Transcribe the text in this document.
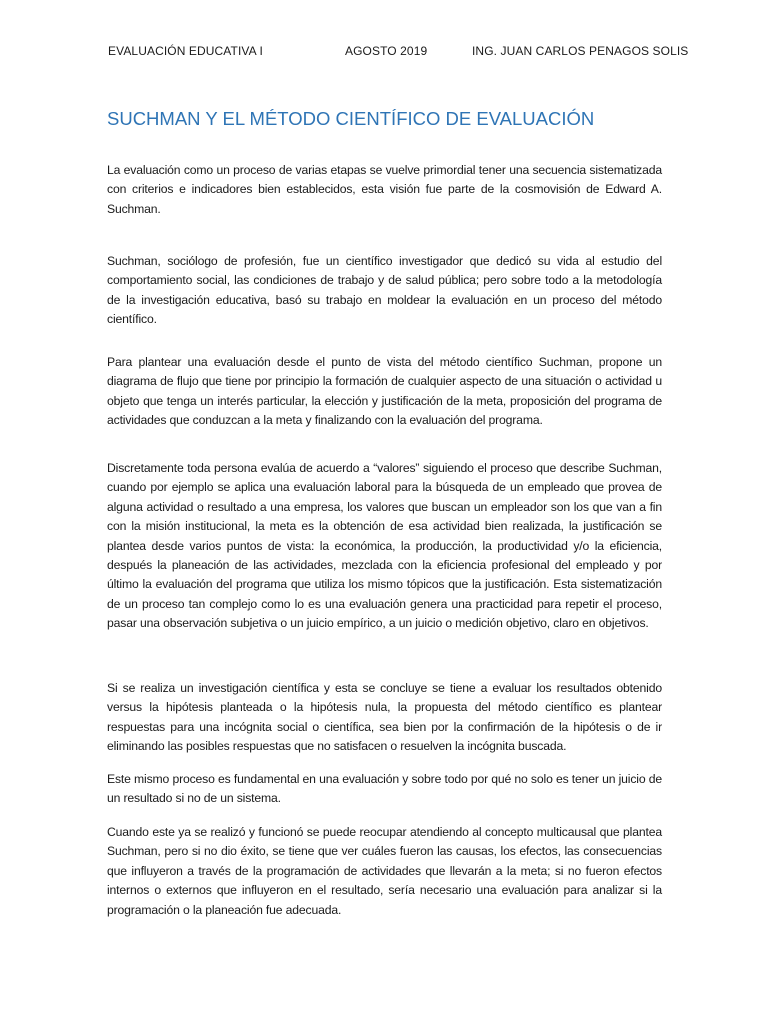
EVALUACIÓN EDUCATIVA I	AGOSTO 2019	ING. JUAN CARLOS PENAGOS SOLIS
SUCHMAN Y EL MÉTODO CIENTÍFICO DE EVALUACIÓN

La evaluación como un proceso de varias etapas se vuelve primordial tener una secuencia sistematizada con criterios e indicadores bien establecidos, esta visión fue parte de la cosmovisión de Edward A. Suchman.

Suchman, sociólogo de profesión, fue un científico investigador que dedicó su vida al estudio del comportamiento social, las condiciones de trabajo y de salud pública; pero sobre todo a la metodología de la investigación educativa, basó su trabajo en moldear la evaluación en un proceso del método científico.

Para plantear una evaluación desde el punto de vista del método científico Suchman, propone un diagrama de flujo que tiene por principio la formación de cualquier aspecto de una situación o actividad u objeto que tenga un interés particular, la elección y justificación de la meta, proposición del programa de actividades que conduzcan a la meta y finalizando con la evaluación del programa.

Discretamente toda persona evalúa de acuerdo a “valores” siguiendo el proceso que describe Suchman, cuando por ejemplo se aplica una evaluación laboral para la búsqueda de un empleado que provea de alguna actividad o resultado a una empresa, los valores que buscan un empleador son los que van a fin con la misión institucional, la meta es la obtención de esa actividad bien realizada, la justificación se plantea desde varios puntos de vista: la económica, la producción, la productividad y/o la eficiencia, después la planeación de las actividades, mezclada con la eficiencia profesional del empleado y por último la evaluación del programa que utiliza los mismo tópicos que la justificación. Esta sistematización de un proceso tan complejo como lo es una evaluación genera una practicidad para repetir el proceso, pasar una observación subjetiva o un juicio empírico, a un juicio o medición objetivo, claro en objetivos.

Si se realiza un investigación científica y esta se concluye se tiene a evaluar los resultados obtenido versus la hipótesis planteada o la hipótesis nula, la propuesta del método científico es plantear respuestas para una incógnita social o científica, sea bien por la confirmación de la hipótesis o de ir eliminando las posibles respuestas que no satisfacen o resuelven la incógnita buscada.

Este mismo proceso es fundamental en una evaluación y sobre todo por qué no solo es tener un juicio de un resultado si no de un sistema.

Cuando este ya se realizó y funcionó se puede reocupar atendiendo al concepto multicausal que plantea Suchman, pero si no dio éxito, se tiene que ver cuáles fueron las causas, los efectos, las consecuencias que influyeron a través de la programación de actividades que llevarán a la meta; si no fueron efectos internos o externos que influyeron en el resultado, sería necesario una evaluación para analizar si la programación o la planeación fue adecuada.
